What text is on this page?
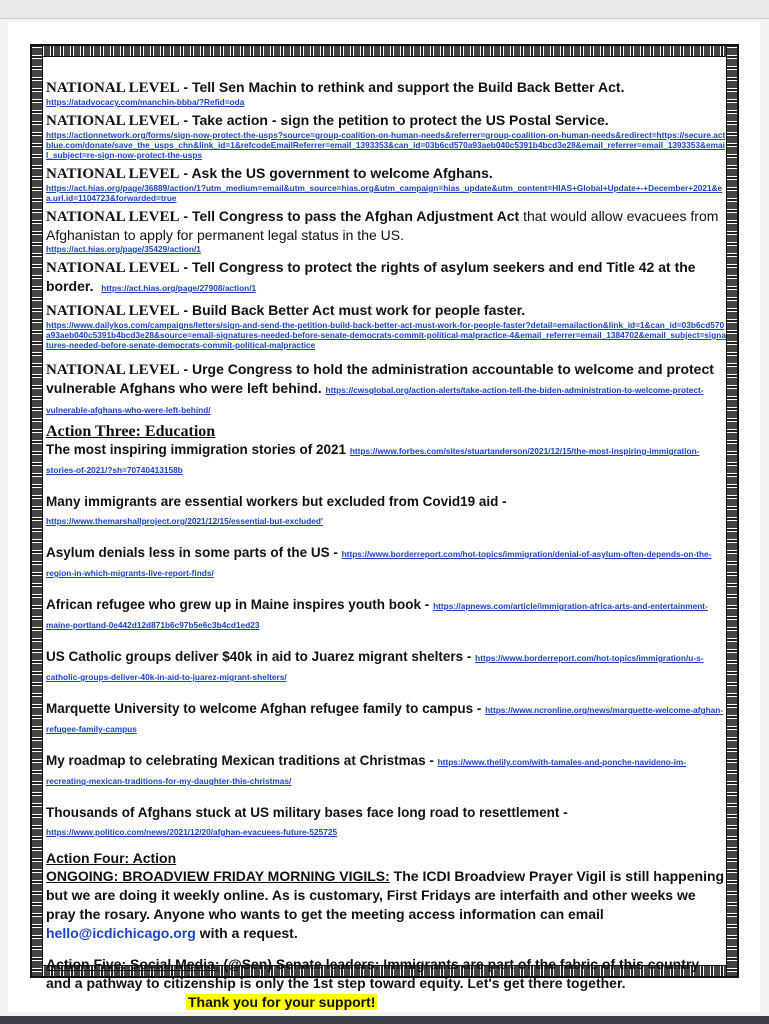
NATIONAL LEVEL - Tell Sen Machin to rethink and support the Build Back Better Act.
https://atadvocacy.com/manchin-bbba/?Refid=oda
NATIONAL LEVEL - Take action - sign the petition to protect the US Postal Service.
https://actionnetwork.org/forms/sign-now-protect-the-usps?source=group-coalition-on-human-needs&referrer=group-coalition-on-human-needs&redirect=https://secure.actblue.com/donate/save_the_usps_chn&link_id=1&refcodeEmailReferrer=email_1393353&can_id=03b6cd570a93aeb040c5391b4bcd3e28&email_referrer=email_1393353&email_subject=re-sign-now-protect-the-usps
NATIONAL LEVEL - Ask the US government to welcome Afghans.
https://act.hias.org/page/36889/action/1?utm_medium=email&utm_source=hias.org&utm_campaign=hias_update&utm_content=HIAS+Global+Update+-+December+2021&ea.url.id=1104723&forwarded=true
NATIONAL LEVEL - Tell Congress to pass the Afghan Adjustment Act that would allow evacuees from Afghanistan to apply for permanent legal status in the US.
https://act.hias.org/page/35429/action/1
NATIONAL LEVEL - Tell Congress to protect the rights of asylum seekers and end Title 42 at the border. https://act.hias.org/page/27908/action/1
NATIONAL LEVEL - Build Back Better Act must work for people faster.
https://www.dailykos.com/campaigns/letters/sign-and-send-the-petition-build-back-better-act-must-work-for-people-faster?detail=emailaction&link_id=1&can_id=03b6cd570a93aeb040c5391b4bcd3e28&source=email-signatures-needed-before-senate-democrats-commit-political-malpractice-4&email_referrer=email_1384702&email_subject=signatures-needed-before-senate-democrats-commit-political-malpractice
NATIONAL LEVEL - Urge Congress to hold the administration accountable to welcome and protect vulnerable Afghans who were left behind. https://cwsglobal.org/action-alerts/take-action-tell-the-biden-administration-to-welcome-protect-vulnerable-afghans-who-were-left-behind/
Action Three: Education
The most inspiring immigration stories of 2021 https://www.forbes.com/sites/stuartanderson/2021/12/15/the-most-inspiring-immigration-stories-of-2021/?sh=70740413158b
Many immigrants are essential workers but excluded from Covid19 aid - https://www.themarshallproject.org/2021/12/15/essential-but-excluded'
Asylum denials less in some parts of the US - https://www.borderreport.com/hot-topics/immigration/denial-of-asylum-often-depends-on-the-region-in-which-migrants-live-report-finds/
African refugee who grew up in Maine inspires youth book - https://apnews.com/article/immigration-africa-arts-and-entertainment-maine-portland-0e442d12d871b6c97b5e6c3b4cd1ed23
US Catholic groups deliver $40k in aid to Juarez migrant shelters - https://www.borderreport.com/hot-topics/immigration/u-s-catholic-groups-deliver-40k-in-aid-to-juarez-migrant-shelters/
Marquette University to welcome Afghan refugee family to campus - https://www.ncronline.org/news/marquette-welcome-afghan-refugee-family-campus
My roadmap to celebrating Mexican traditions at Christmas - https://www.thelily.com/with-tamales-and-ponche-navideno-im-recreating-mexican-traditions-for-my-daughter-this-christmas/
Thousands of Afghans stuck at US military bases face long road to resettlement - https://www.politico.com/news/2021/12/20/afghan-evacuees-future-525725
Action Four: Action
ONGOING: BROADVIEW FRIDAY MORNING VIGILS: The ICDI Broadview Prayer Vigil is still happening but we are doing it weekly online. As is customary, First Fridays are interfaith and other weeks we pray the rosary. Anyone who wants to get the meeting access information can email hello@icdichicago.org with a request.
Action Five: Social Media: (@Sen) Senate leaders: Immigrants are part of the fabric of this country and a pathway to citizenship is only the 1st step toward equity. Let's get there together. Thank you for your support!
